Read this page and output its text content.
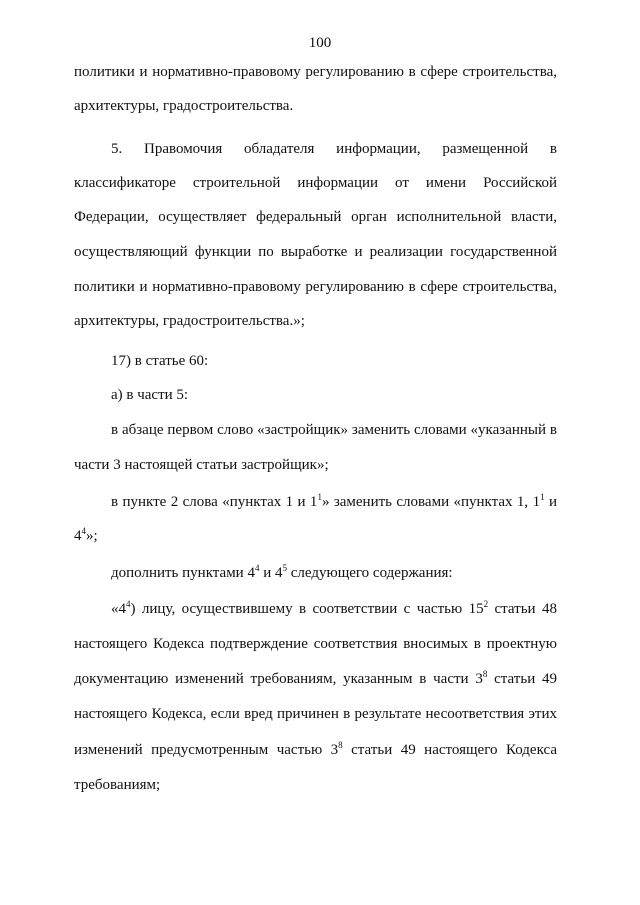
100
политики и нормативно-правовому регулированию в сфере строительства,
архитектуры, градостроительства.
5. Правомочия обладателя информации, размещенной в
классификаторе строительной информации от имени Российской
Федерации, осуществляет федеральный орган исполнительной власти,
осуществляющий функции по выработке и реализации государственной
политики и нормативно-правовому регулированию в сфере строительства,
архитектуры, градостроительства.»;
17) в статье 60:
а) в части 5:
в абзаце первом слово «застройщик» заменить словами «указанный в
части 3 настоящей статьи застройщик»;
в пункте 2 слова «пунктах 1 и $1^1$» заменить словами «пунктах 1, $1^1$ и
$4^4$»;
дополнить пунктами $4^4$ и $4^5$ следующего содержания:
«$4^4$) лицу, осуществившему в соответствии с частью $15^2$ статьи 48
настоящего Кодекса подтверждение соответствия вносимых в проектную
документацию изменений требованиям, указанным в части $3^8$ статьи 49
настоящего Кодекса, если вред причинен в результате несоответствия этих
изменений предусмотренным частью $3^8$ статьи 49 настоящего Кодекса
требованиям;
